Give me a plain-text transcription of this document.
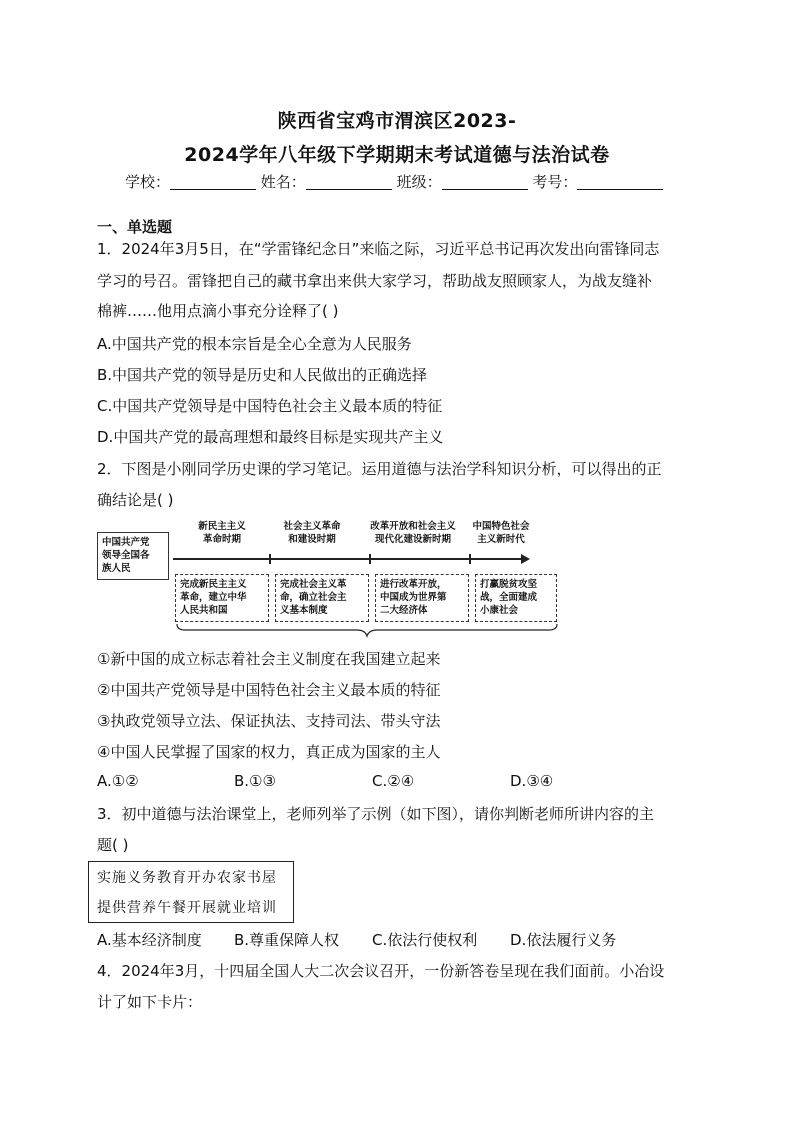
陕西省宝鸡市渭滨区2023-
2024学年八年级下学期期末考试道德与法治试卷
学校：	姓名：	班级：	考号：
一、单选题
1．2024年3月5日，在“学雷锋纪念日”来临之际，习近平总书记再次发出向雷锋同志
学习的号召。雷锋把自己的藏书拿出来供大家学习，帮助战友照顾家人，为战友缝补
棉裤……他用点滴小事充分诠释了( )
A.中国共产党的根本宗旨是全心全意为人民服务
B.中国共产党的领导是历史和人民做出的正确选择
C.中国共产党领导是中国特色社会主义最本质的特征
D.中国共产党的最高理想和最终目标是实现共产主义
2．下图是小刚同学历史课的学习笔记。运用道德与法治学科知识分析，可以得出的正
确结论是( )
中国共产党
领导全国各
族人民
新民主主义
革命时期
社会主义革命
和建设时期
改革开放和社会主义
现代化建设新时期
中国特色社会
主义新时代
完成新民主主义
革命，建立中华
人民共和国
完成社会主义革
命，确立社会主
义基本制度
进行改革开放，
中国成为世界第
二大经济体
打赢脱贫攻坚
战，全面建成
小康社会
①新中国的成立标志着社会主义制度在我国建立起来
②中国共产党领导是中国特色社会主义最本质的特征
③执政党领导立法、保证执法、支持司法、带头守法
④中国人民掌握了国家的权力，真正成为国家的主人
A.①②	B.①③	C.②④	D.③④
3．初中道德与法治课堂上，老师列举了示例（如下图），请你判断老师所讲内容的主
题( )
实施义务教育开办农家书屋
提供营养午餐开展就业培训
A.基本经济制度 B.尊重保障人权 C.依法行使权利 D.依法履行义务
4．2024年3月，十四届全国人大二次会议召开，一份新答卷呈现在我们面前。小冶设
计了如下卡片：
